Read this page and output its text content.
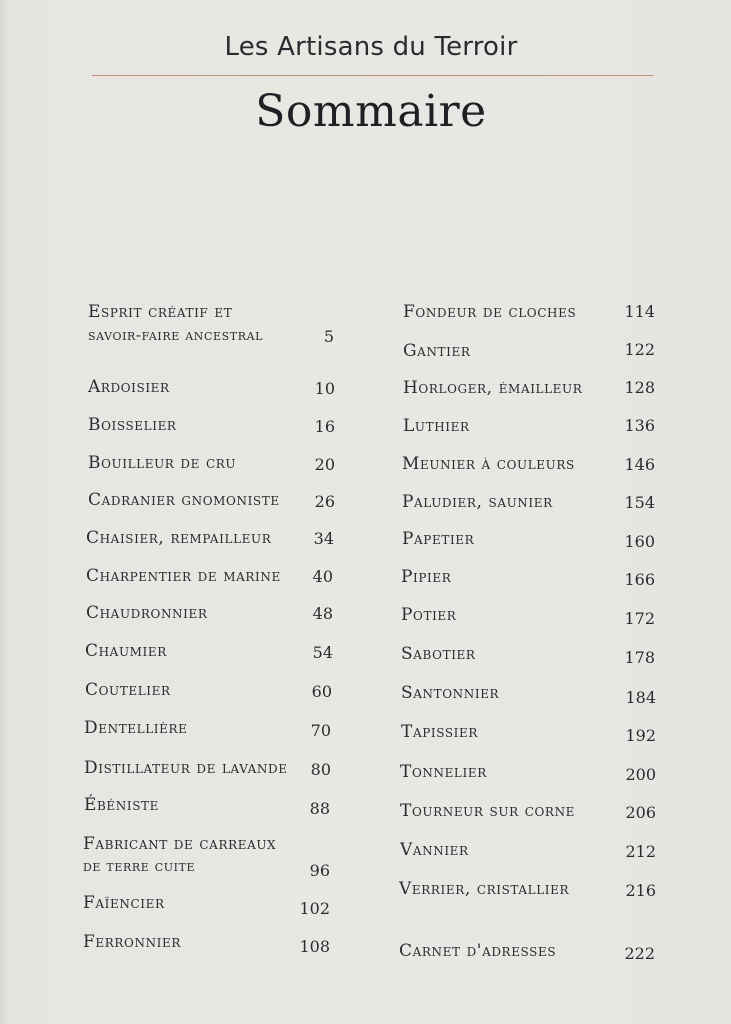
Les Artisans du Terroir
Sommaire
Esprit créatif et
savoir-faire ancestral	5
Ardoisier	10
Boisselier	16
Bouilleur de cru	20
Cadranier gnomoniste	26
Chaisier, rempailleur	34
Charpentier de marine	40
Chaudronnier	48
Chaumier	54
Coutelier	60
Dentellière	70
Distillateur de lavande	80
Ébéniste	88
Fabricant de carreaux
de terre cuite	96
Faïencier	102
Ferronnier	108
Fondeur de cloches	114
Gantier	122
Horloger, émailleur	128
Luthier	136
Meunier à couleurs	146
Paludier, saunier	154
Papetier	160
Pipier	166
Potier	172
Sabotier	178
Santonnier	184
Tapissier	192
Tonnelier	200
Tourneur sur corne	206
Vannier	212
Verrier, cristallier	216
Carnet d'adresses	222
